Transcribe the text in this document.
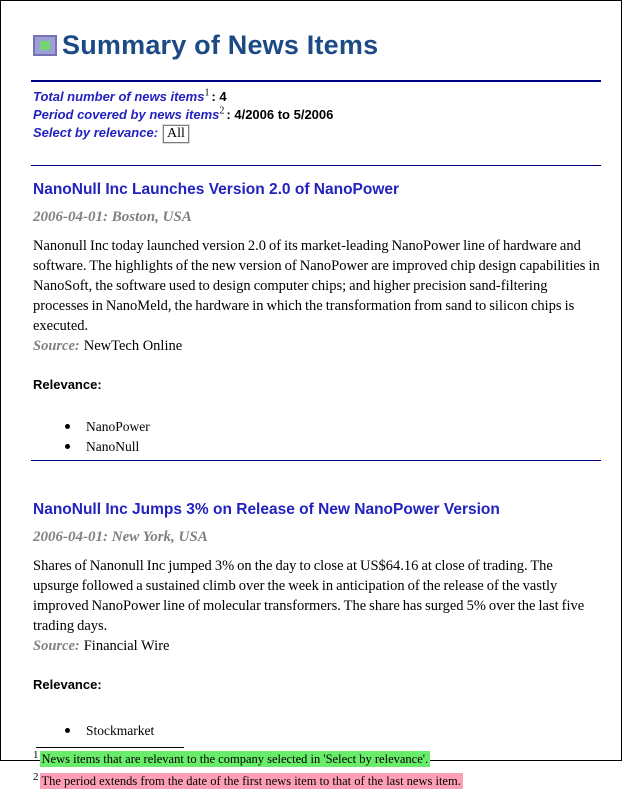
Summary of News Items
Total number of news items$^1$ : 4
Period covered by news items$^2$ : 4/2006 to 5/2006
Select by relevance: All
NanoNull Inc Launches Version 2.0 of NanoPower

2006-04-01: Boston, USA

Nanonull Inc today launched version 2.0 of its market-leading NanoPower line of hardware and software. The highlights of the new version of NanoPower are improved chip design capabilities in NanoSoft, the software used to design computer chips; and higher precision sand-filtering processes in NanoMeld, the hardware in which the transformation from sand to silicon chips is executed.

Source: NewTech Online

Relevance:

NanoPower
NanoNull
NanoNull Inc Jumps 3% on Release of New NanoPower Version

2006-04-01: New York, USA

Shares of Nanonull Inc jumped 3% on the day to close at US$64.16 at close of trading. The upsurge followed a sustained climb over the week in anticipation of the release of the vastly improved NanoPower line of molecular transformers. The share has surged 5% over the last five trading days.

Source: Financial Wire

Relevance:

Stockmarket
1 News items that are relevant to the company selected in 'Select by relevance'.
2 The period extends from the date of the first news item to that of the last news item.
